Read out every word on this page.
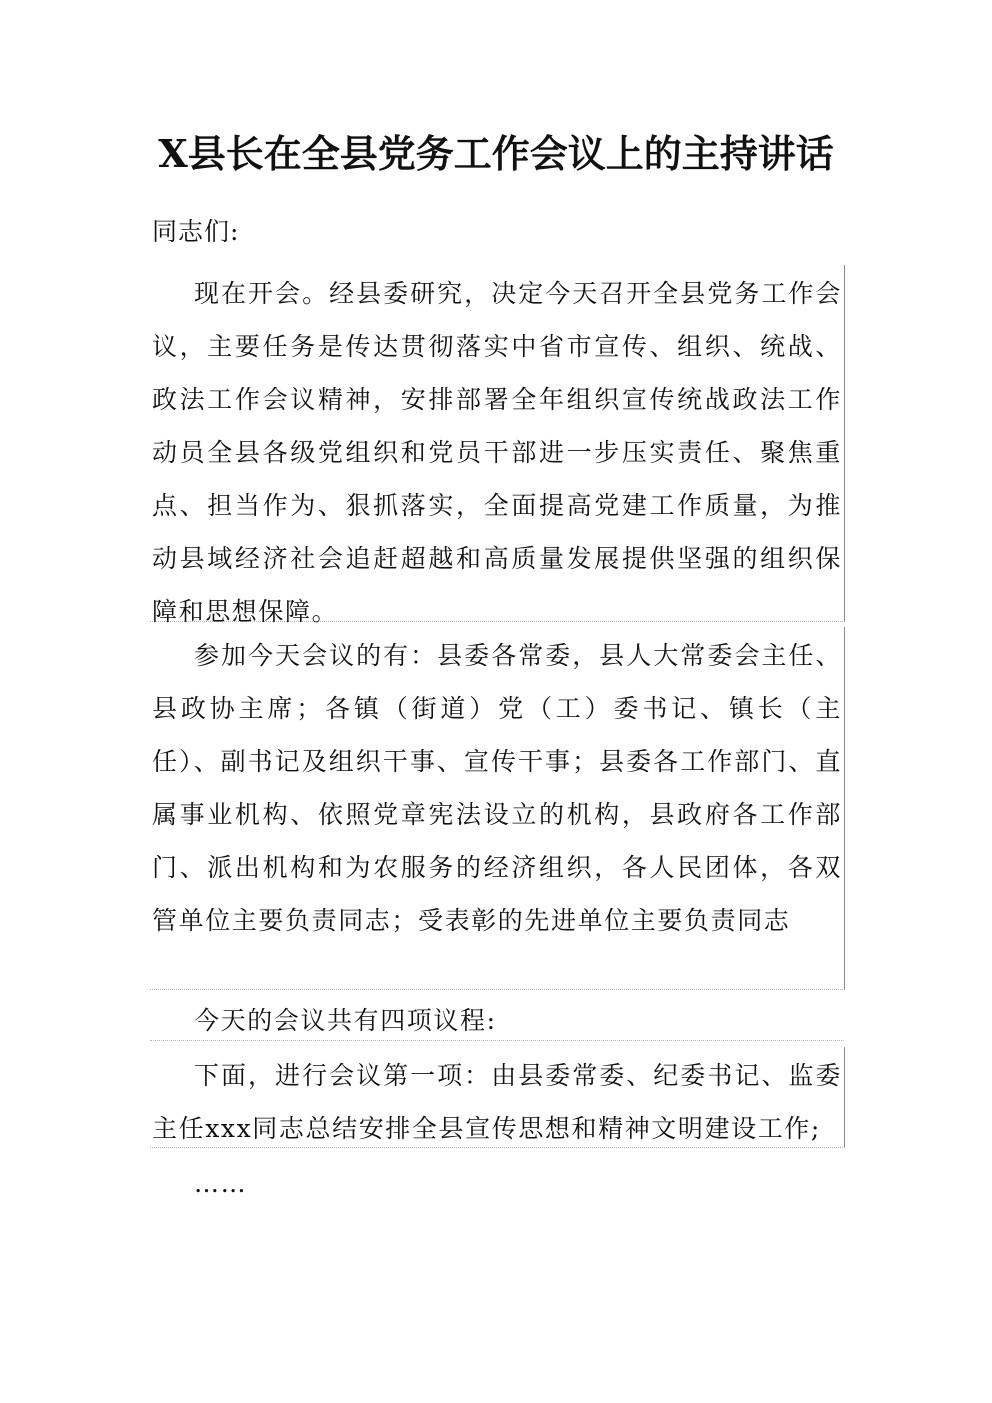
X县长在全县党务工作会议上的主持讲话
同志们:
现在开会。经县委研究，决定今天召开全县党务工作会议，主要任务是传达贯彻落实中省市宣传、组织、统战、政法工作会议精神，安排部署全年组织宣传统战政法工作动员全县各级党组织和党员干部进一步压实责任、聚焦重点、担当作为、狠抓落实，全面提高党建工作质量，为推动县域经济社会追赶超越和高质量发展提供坚强的组织保障和思想保障。
参加今天会议的有：县委各常委，县人大常委会主任、县政协主席；各镇（街道）党（工）委书记、镇长（主任）、副书记及组织干事、宣传干事；县委各工作部门、直属事业机构、依照党章宪法设立的机构，县政府各工作部门、派出机构和为农服务的经济组织，各人民团体，各双管单位主要负责同志；受表彰的先进单位主要负责同志
今天的会议共有四项议程:
下面，进行会议第一项：由县委常委、纪委书记、监委主任xxx同志总结安排全县宣传思想和精神文明建设工作;
……
